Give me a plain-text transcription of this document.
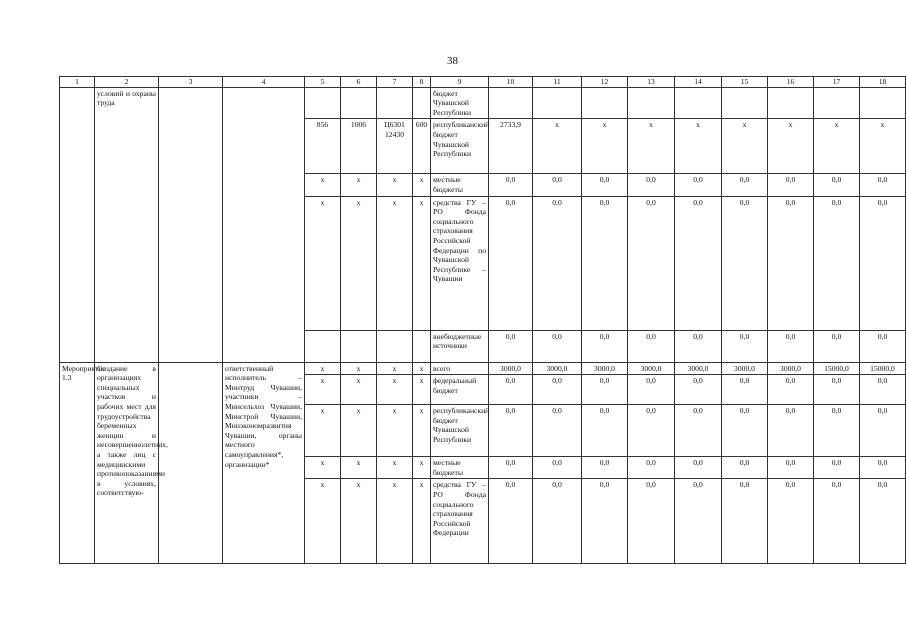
38
1	2	3	4	5	6	7	8	9	10	11	12	13	14	15	16	17	18
	условий и охраны труда							бюджет Чувашской Республики									
				856	1006	Ц6301 12430	600	республиканский бюджет Чувашской Республики	2733,9	x	x	x	x	x	x	x	x
				x	x	x	x	местные бюджеты	0,0	0,0	0,0	0,0	0,0	0,0	0,0	0,0	0,0
				x	x	x	x	средства ГУ – РО Фонда социального страхования Российской Федерации по Чувашской Республике – Чувашии	0,0	0,0	0,0	0,0	0,0	0,0	0,0	0,0	0,0
								внебюджетные источники	0,0	0,0	0,0	0,0	0,0	0,0	0,0	0,0	0,0
Мероприятие 1.3	Создание в организациях специальных участков и рабочих мест для трудоустройства беременных женщин и несовершеннолетних, а также лиц с медицинскими противопоказаниями в условиях, соответствую-		ответственный исполнитель – Минтруд Чувашии, участники – Минсельхоз Чувашии, Минстрой Чувашии, Минэкономразвития Чувашии, органы местного самоуправления*, организации*	x	x	x	x	всего	3000,0	3000,0	3000,0	3000,0	3000,0	3000,0	3000,0	15000,0	15000,0
				x	x	x	x	федеральный бюджет	0,0	0,0	0,0	0,0	0,0	0,0	0,0	0,0	0,0
				x	x	x	x	республиканский бюджет Чувашской Республики	0,0	0,0	0,0	0,0	0,0	0,0	0,0	0,0	0,0
				x	x	x	x	местные бюджеты	0,0	0,0	0,0	0,0	0,0	0,0	0,0	0,0	0,0
				x	x	x	x	средства ГУ – РО Фонда социального страхования Российской Федерации	0,0	0,0	0,0	0,0	0,0	0,0	0,0	0,0	0,0
